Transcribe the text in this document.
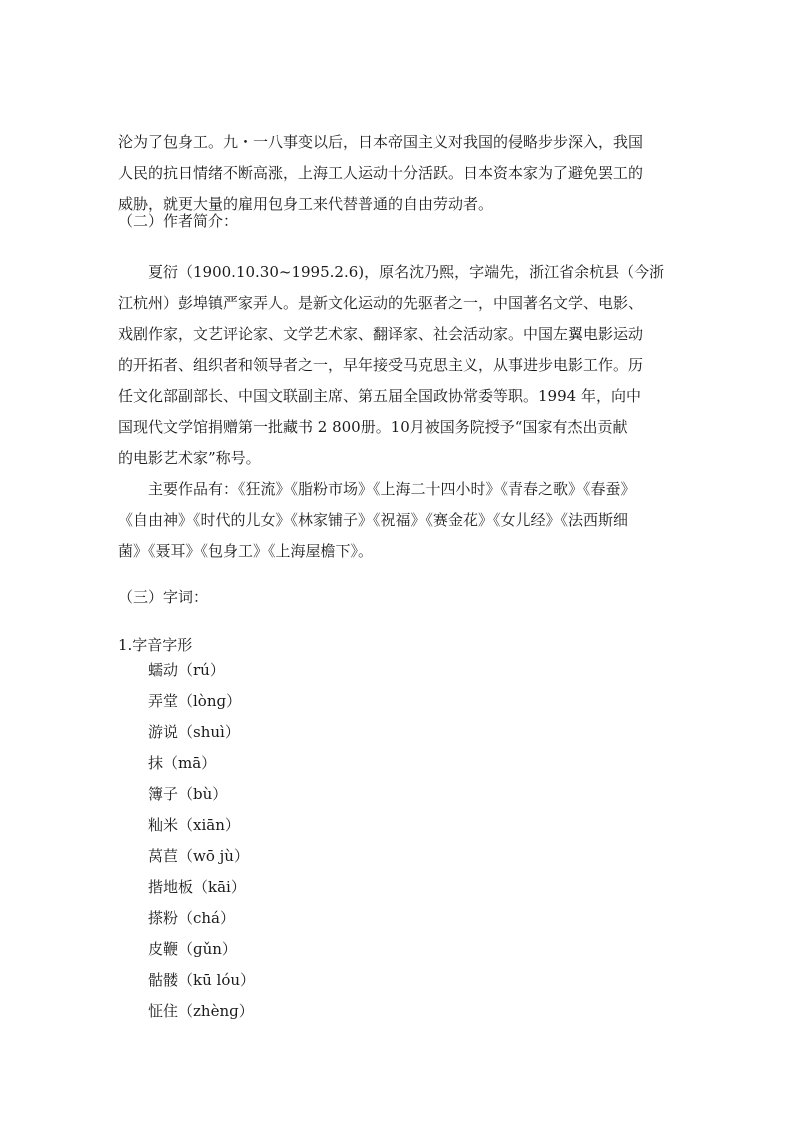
沦为了包身工。九・一八事变以后，日本帝国主义对我国的侵略步步深入，我国
人民的抗日情绪不断高涨，上海工人运动十分活跃。日本资本家为了避免罢工的
威胁，就更大量的雇用包身工来代替普通的自由劳动者。
（二）作者简介：
夏衍（1900.10.30~1995.2.6)，原名沈乃熙，字端先，浙江省余杭县（今浙
江杭州）彭埠镇严家弄人。是新文化运动的先驱者之一，中国著名文学、电影、
戏剧作家，文艺评论家、文学艺术家、翻译家、社会活动家。中国左翼电影运动
的开拓者、组织者和领导者之一，早年接受马克思主义，从事进步电影工作。历
任文化部副部长、中国文联副主席、第五届全国政协常委等职。1994 年，向中
国现代文学馆捐赠第一批藏书 2 800册。10月被国务院授予“国家有杰出贡献
的电影艺术家”称号。
主要作品有：《狂流》《脂粉市场》《上海二十四小时》《青春之歌》《春蚕》
《自由神》《时代的儿女》《林家铺子》《祝福》《赛金花》《女儿经》《法西斯细
菌》《聂耳》《包身工》《上海屋檐下》。
（三）字词：
1.字音字形
蠕动（rú）
弄堂（lònɡ）
游说（shuì）
抹（mā）
簿子（bù）
籼米（xiān）
莴苣（wō jù）
揩地板（kāi）
搽粉（chá）
皮鞭（ɡǔn）
骷髅（kū lóu）
怔住（zhènɡ）
